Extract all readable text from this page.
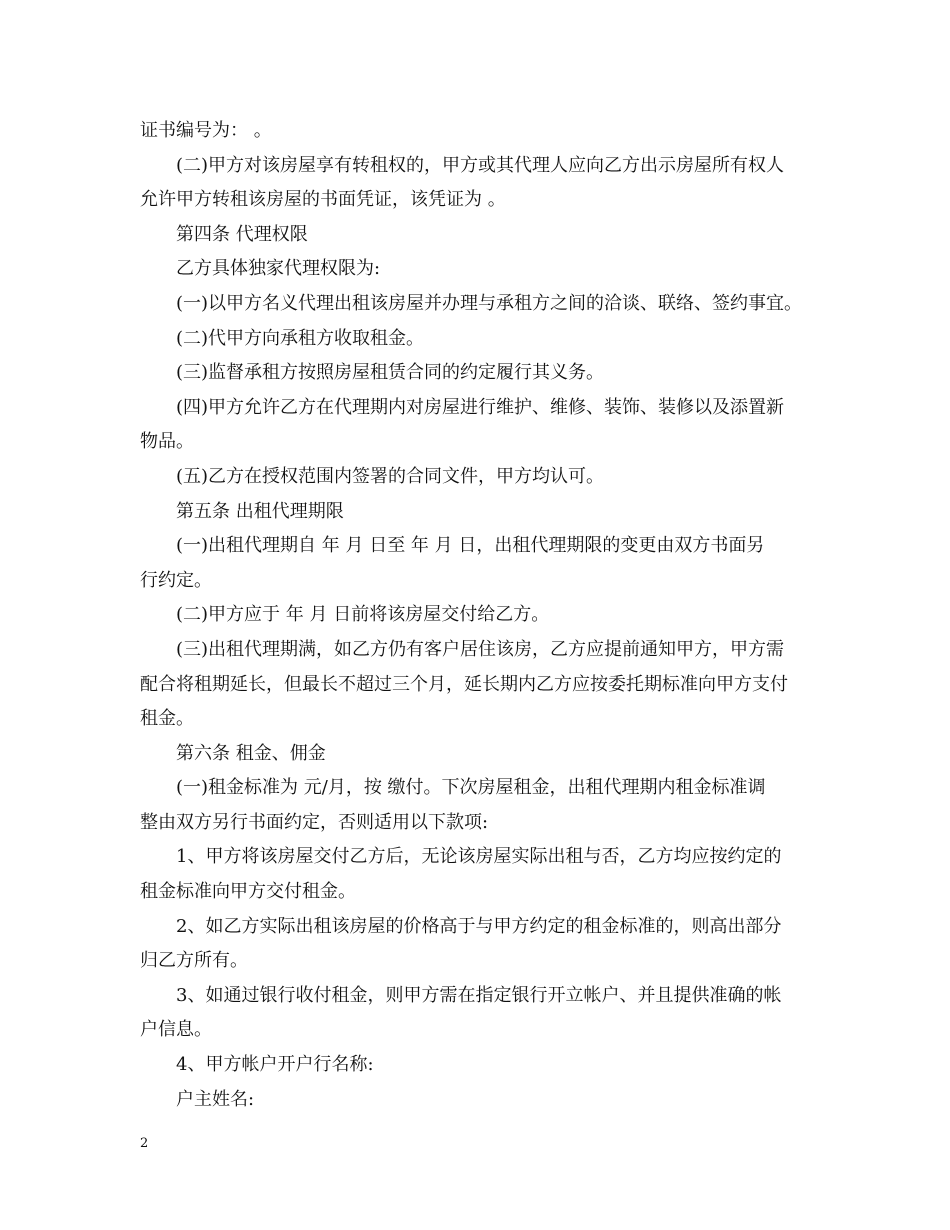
证书编号为： 。
(二)甲方对该房屋享有转租权的，甲方或其代理人应向乙方出示房屋所有权人
允许甲方转租该房屋的书面凭证，该凭证为 。
第四条 代理权限
乙方具体独家代理权限为:
(一)以甲方名义代理出租该房屋并办理与承租方之间的洽谈、联络、签约事宜。
(二)代甲方向承租方收取租金。
(三)监督承租方按照房屋租赁合同的约定履行其义务。
(四)甲方允许乙方在代理期内对房屋进行维护、维修、装饰、装修以及添置新
物品。
(五)乙方在授权范围内签署的合同文件，甲方均认可。
第五条 出租代理期限
(一)出租代理期自 年 月 日至 年 月 日，出租代理期限的变更由双方书面另
行约定。
(二)甲方应于 年 月 日前将该房屋交付给乙方。
(三)出租代理期满，如乙方仍有客户居住该房，乙方应提前通知甲方，甲方需
配合将租期延长，但最长不超过三个月，延长期内乙方应按委托期标准向甲方支付
租金。
第六条 租金、佣金
(一)租金标准为 元/月，按 缴付。下次房屋租金，出租代理期内租金标准调
整由双方另行书面约定，否则适用以下款项:
1、甲方将该房屋交付乙方后，无论该房屋实际出租与否，乙方均应按约定的
租金标准向甲方交付租金。
2、如乙方实际出租该房屋的价格高于与甲方约定的租金标准的，则高出部分
归乙方所有。
3、如通过银行收付租金，则甲方需在指定银行开立帐户、并且提供准确的帐
户信息。
4、甲方帐户开户行名称:
户主姓名:
2
